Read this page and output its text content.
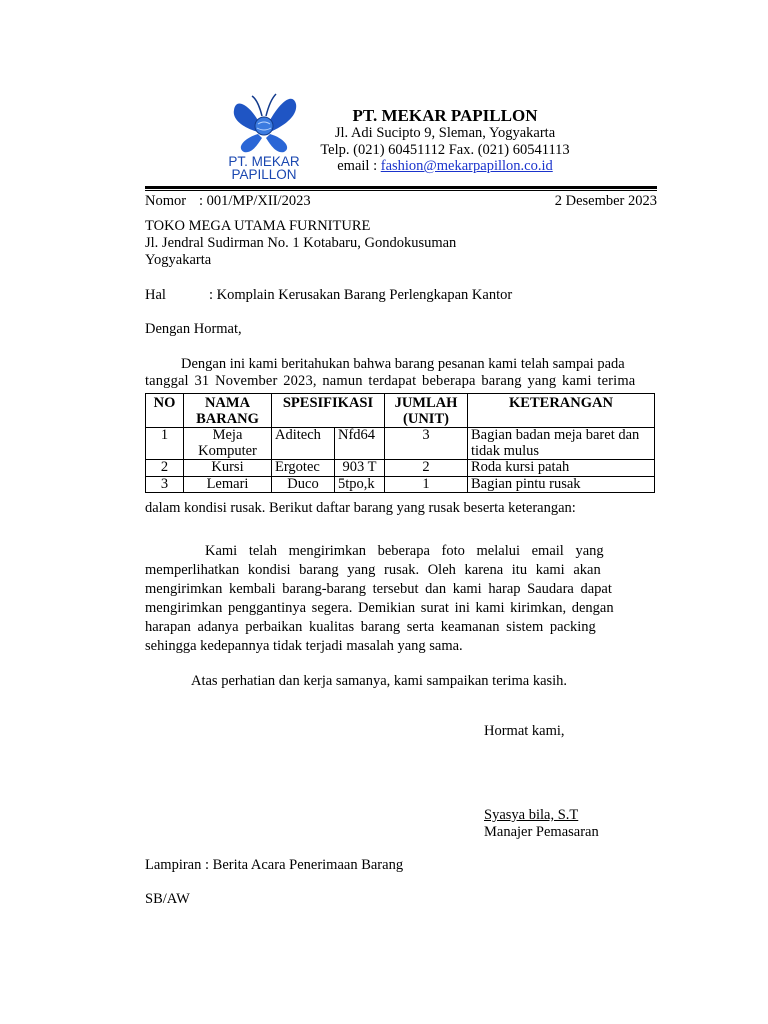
PT. MEKAR
PAPILLON
PT. MEKAR PAPILLON
Jl. Adi Sucipto 9, Sleman, Yogyakarta
Telp. (021) 60451112 Fax. (021) 60541113
email : fashion@mekarpapillon.co.id
Nomor : 001/MP/XII/2023	2 Desember 2023
TOKO MEGA UTAMA FURNITURE
Jl. Jendral Sudirman No. 1 Kotabaru, Gondokusuman
Yogyakarta
Hal	: Komplain Kerusakan Barang Perlengkapan Kantor
Dengan Hormat,
Dengan ini kami beritahukan bahwa barang pesanan kami telah sampai pada
tanggal 31 November 2023, namun terdapat beberapa barang yang kami terima
NO	NAMA BARANG	SPESIFIKASI		JUMLAH (UNIT)	KETERANGAN
1	Meja Komputer	Aditech	Nfd64	3	Bagian badan meja baret dan tidak mulus
2	Kursi	Ergotec	903 T	2	Roda kursi patah
3	Lemari	Duco	5tpo,k	1	Bagian pintu rusak
dalam kondisi rusak. Berikut daftar barang yang rusak beserta keterangan:
Kami telah mengirimkan beberapa foto melalui email yang
memperlihatkan kondisi barang yang rusak. Oleh karena itu kami akan
mengirimkan kembali barang-barang tersebut dan kami harap Saudara dapat
mengirimkan penggantinya segera. Demikian surat ini kami kirimkan, dengan
harapan adanya perbaikan kualitas barang serta keamanan sistem packing
sehingga kedepannya tidak terjadi masalah yang sama.
Atas perhatian dan kerja samanya, kami sampaikan terima kasih.
Hormat kami,
Syasya bila, S.T
Manajer Pemasaran
Lampiran : Berita Acara Penerimaan Barang
SB/AW
